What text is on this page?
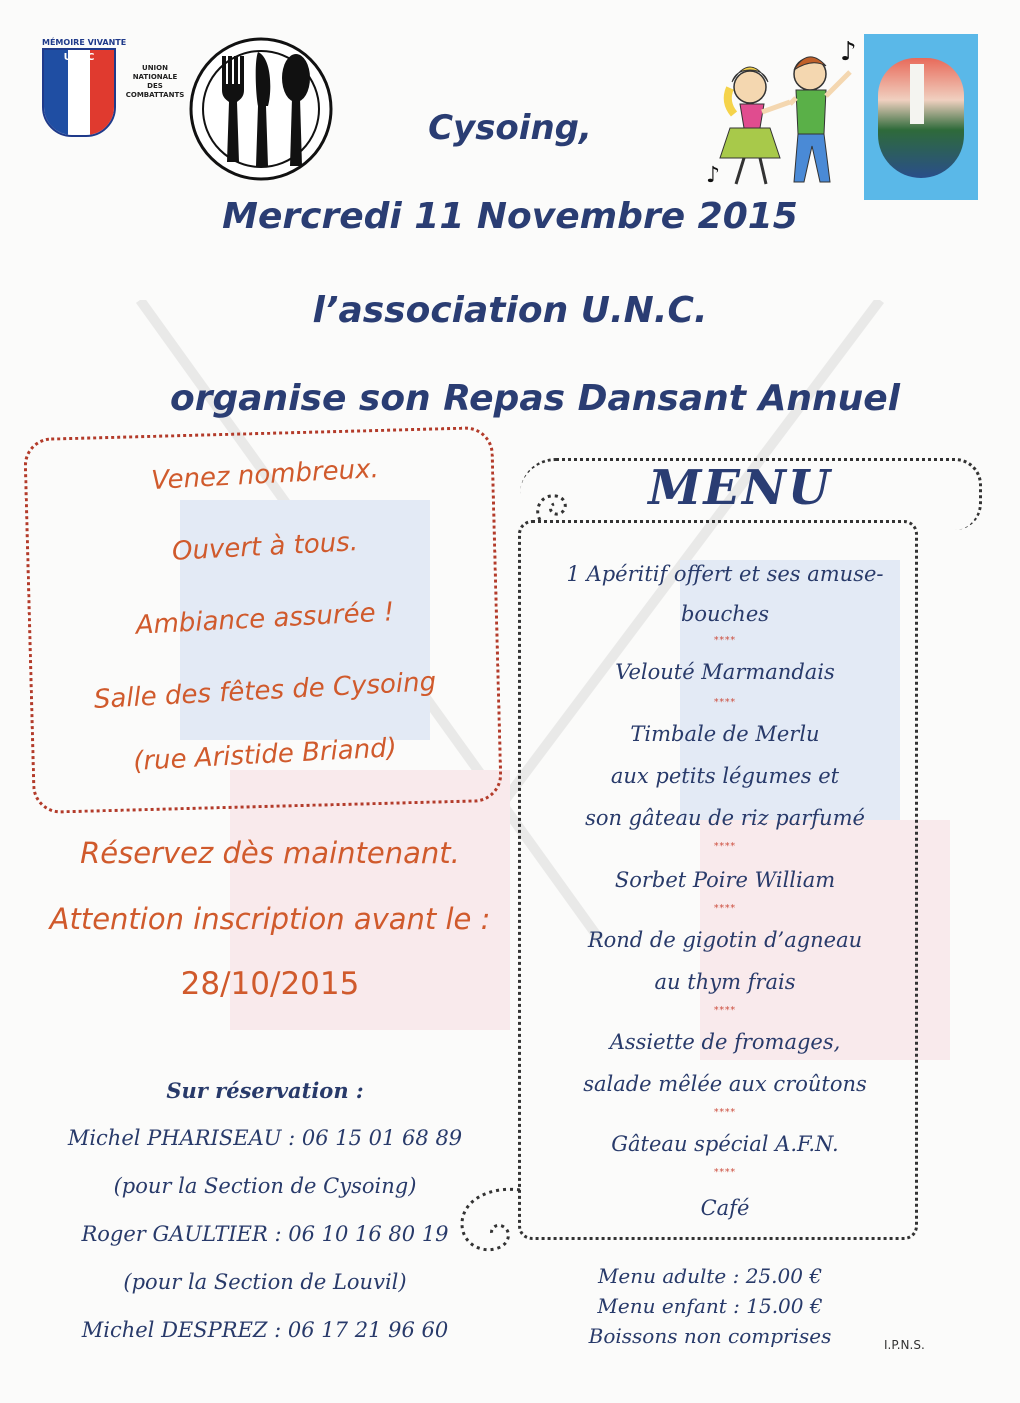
MÉMOIRE VIVANTE
U N C
UNION
NATIONALE
DES
COMBATTANTS
♪
♪
Cysoing,
Mercredi 11 Novembre 2015
l’association U.N.C.
organise son Repas Dansant Annuel
Venez nombreux.
Ouvert à tous.
Ambiance assurée !
Salle des fêtes de Cysoing
(rue Aristide Briand)
Réservez dès maintenant.
Attention inscription avant le :
28/10/2015
Sur réservation :
Michel PHARISEAU : 06 15 01 68 89
(pour la Section de Cysoing)
Roger GAULTIER : 06 10 16 80 19
(pour la Section de Louvil)
Michel DESPREZ : 06 17 21 96 60
MENU
1 Apéritif offert et ses amuse-
bouches
****
Velouté Marmandais
****
Timbale de Merlu
aux petits légumes et
son gâteau de riz parfumé
****
Sorbet Poire William
****
Rond de gigotin d’agneau
au thym frais
****
Assiette de fromages,
salade mêlée aux croûtons
****
Gâteau spécial A.F.N.
****
Café
Menu adulte : 25.00 €
Menu enfant : 15.00 €
Boissons non comprises	I.P.N.S.
